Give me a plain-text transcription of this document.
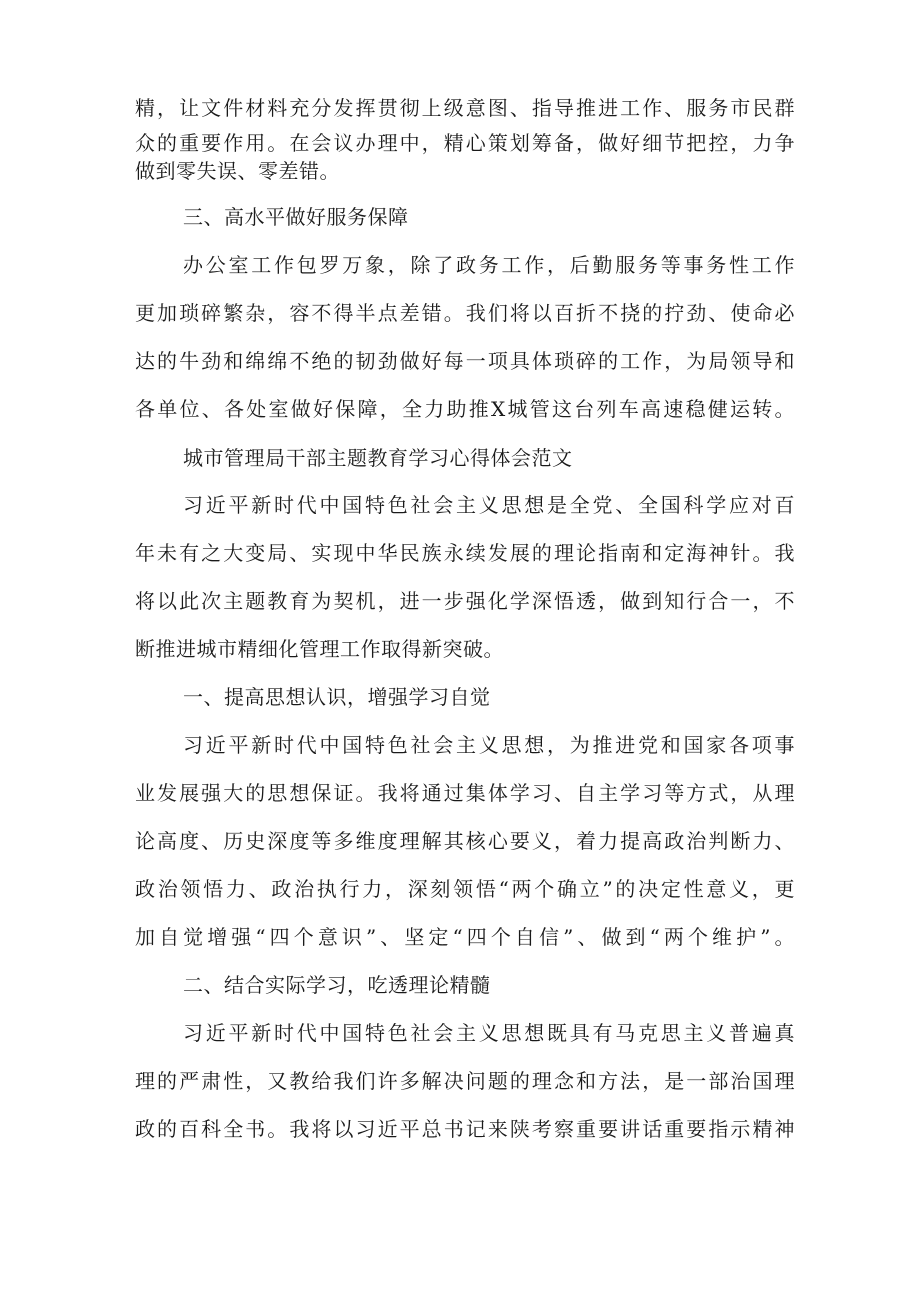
精，让文件材料充分发挥贯彻上级意图、指导推进工作、服务市民群
众的重要作用。在会议办理中，精心策划筹备，做好细节把控，力争
做到零失误、零差错。
三、高水平做好服务保障
办公室工作包罗万象，除了政务工作，后勤服务等事务性工作
更加琐碎繁杂，容不得半点差错。我们将以百折不挠的拧劲、使命必
达的牛劲和绵绵不绝的韧劲做好每一项具体琐碎的工作，为局领导和
各单位、各处室做好保障，全力助推X城管这台列车高速稳健运转。
城市管理局干部主题教育学习心得体会范文
习近平新时代中国特色社会主义思想是全党、全国科学应对百
年未有之大变局、实现中华民族永续发展的理论指南和定海神针。我
将以此次主题教育为契机，进一步强化学深悟透，做到知行合一，不
断推进城市精细化管理工作取得新突破。
一、提高思想认识，增强学习自觉
习近平新时代中国特色社会主义思想，为推进党和国家各项事
业发展强大的思想保证。我将通过集体学习、自主学习等方式，从理
论高度、历史深度等多维度理解其核心要义，着力提高政治判断力、
政治领悟力、政治执行力，深刻领悟“两个确立”的决定性意义，更
加自觉增强“四个意识”、坚定“四个自信”、做到“两个维护”。
二、结合实际学习，吃透理论精髓
习近平新时代中国特色社会主义思想既具有马克思主义普遍真
理的严肃性，又教给我们许多解决问题的理念和方法，是一部治国理
政的百科全书。我将以习近平总书记来陕考察重要讲话重要指示精神
